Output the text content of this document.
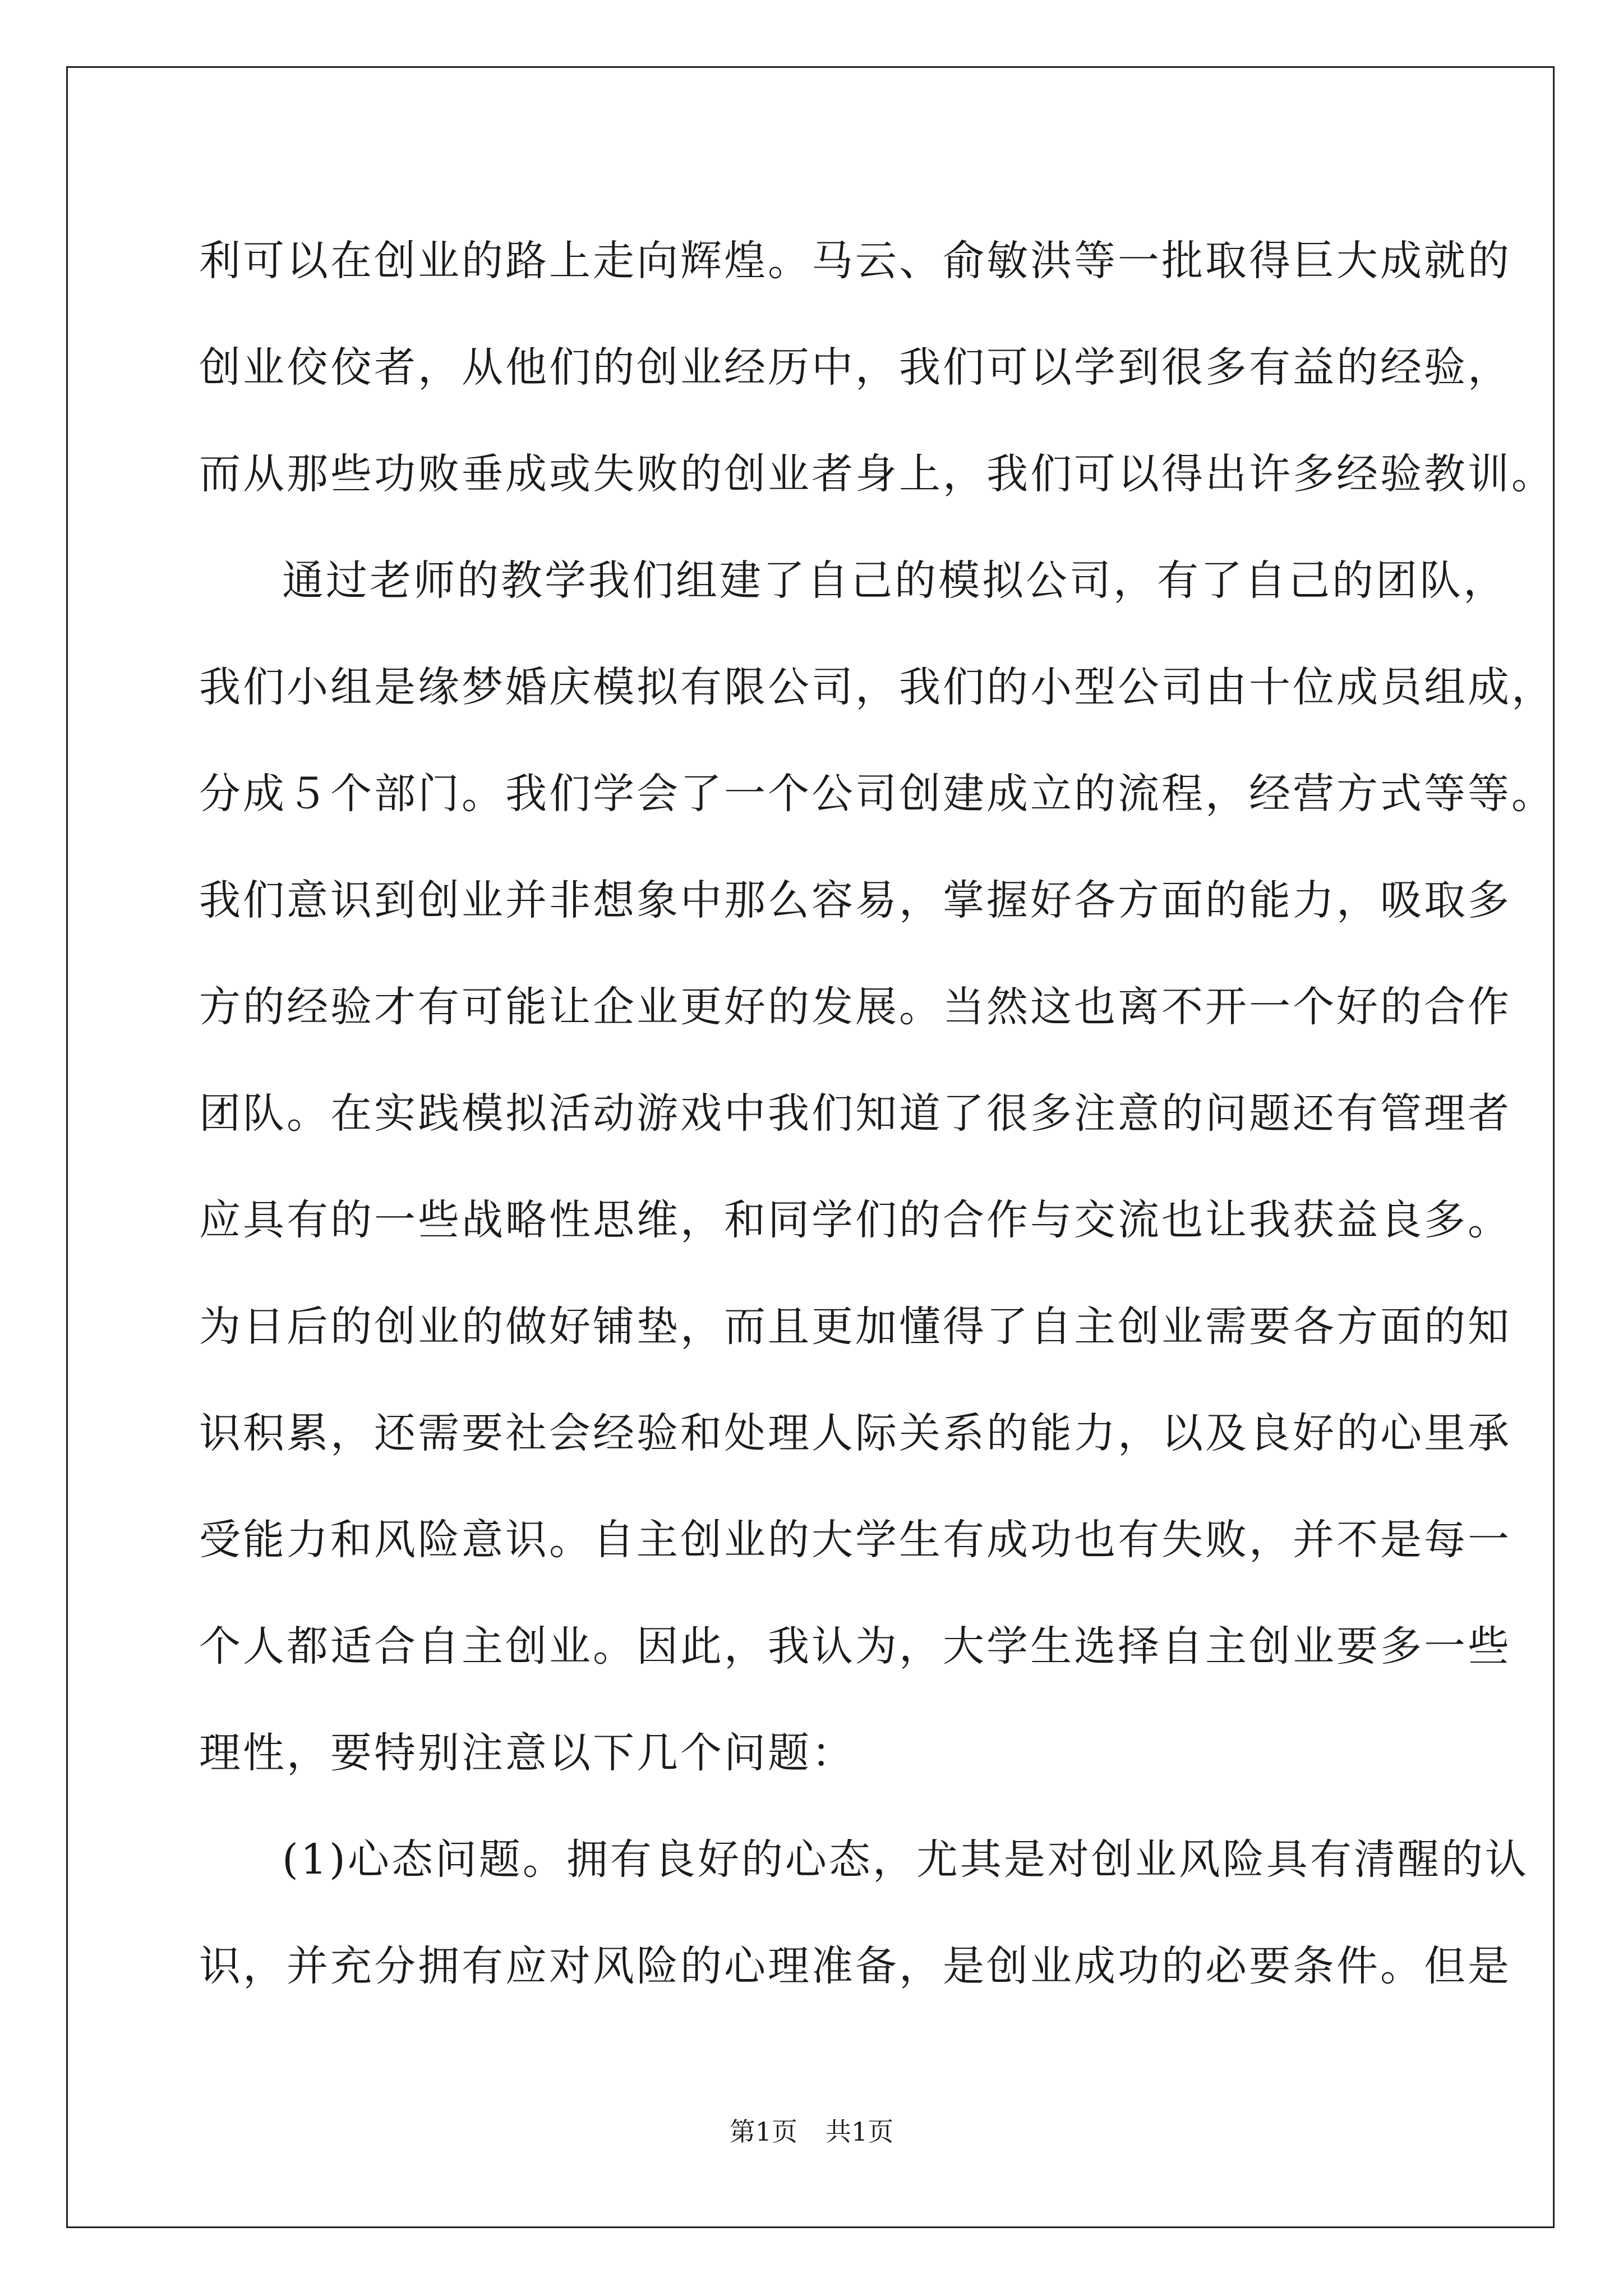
利可以在创业的路上走向辉煌。马云、俞敏洪等一批取得巨大成就的
创业佼佼者，从他们的创业经历中，我们可以学到很多有益的经验，
而从那些功败垂成或失败的创业者身上，我们可以得出许多经验教训。
通过老师的教学我们组建了自己的模拟公司，有了自己的团队，
我们小组是缘梦婚庆模拟有限公司，我们的小型公司由十位成员组成，
分成５个部门。我们学会了一个公司创建成立的流程，经营方式等等。
我们意识到创业并非想象中那么容易，掌握好各方面的能力，吸取多
方的经验才有可能让企业更好的发展。当然这也离不开一个好的合作
团队。在实践模拟活动游戏中我们知道了很多注意的问题还有管理者
应具有的一些战略性思维，和同学们的合作与交流也让我获益良多。
为日后的创业的做好铺垫，而且更加懂得了自主创业需要各方面的知
识积累，还需要社会经验和处理人际关系的能力，以及良好的心里承
受能力和风险意识。自主创业的大学生有成功也有失败，并不是每一
个人都适合自主创业。因此，我认为，大学生选择自主创业要多一些
理性，要特别注意以下几个问题：
(1)心态问题。拥有良好的心态，尤其是对创业风险具有清醒的认
识，并充分拥有应对风险的心理准备，是创业成功的必要条件。但是
第1页 共1页
